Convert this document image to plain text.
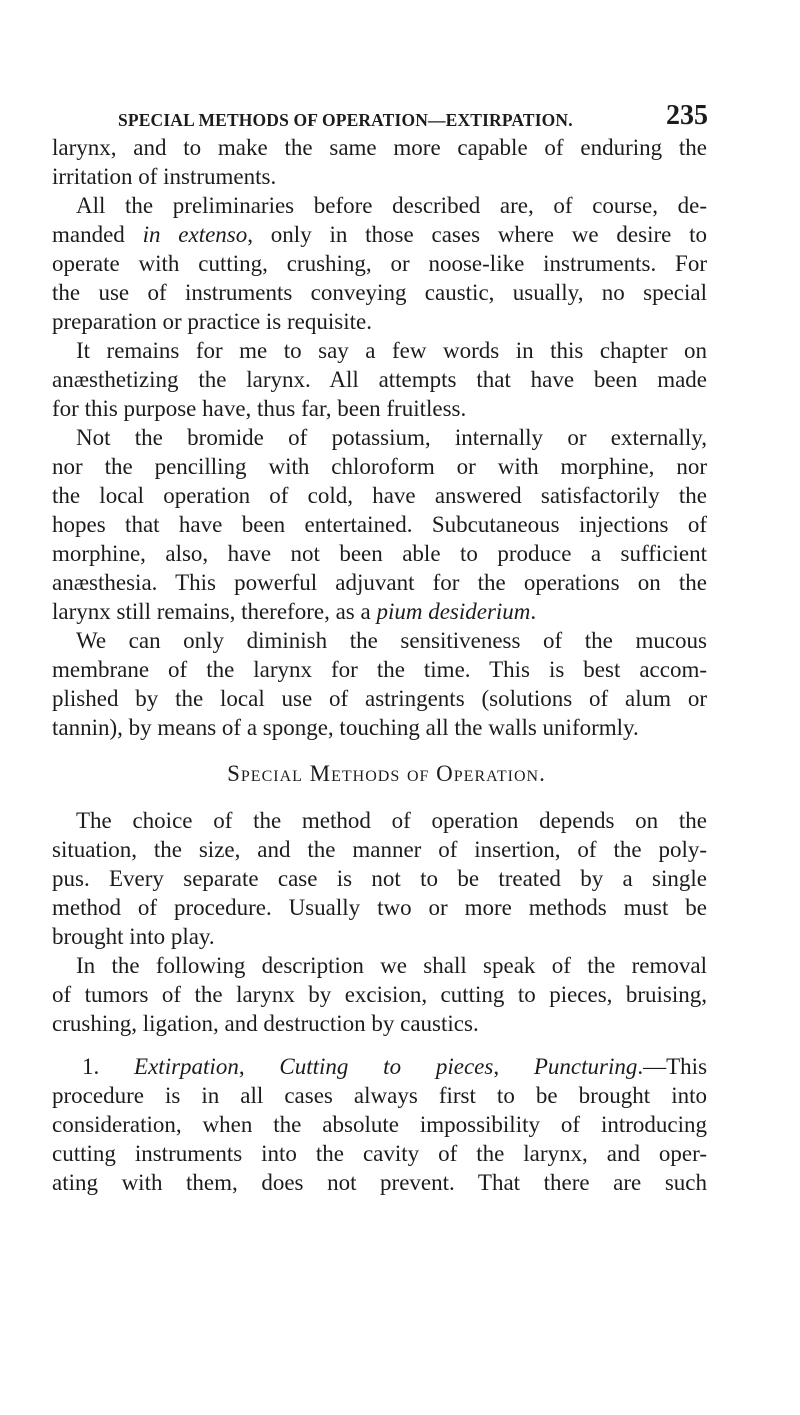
SPECIAL METHODS OF OPERATION—EXTIRPATION.	235
larynx, and to make the same more capable of enduring the
irritation of instruments.
All the preliminaries before described are, of course, de-
manded in extenso, only in those cases where we desire to
operate with cutting, crushing, or noose-like instruments. For
the use of instruments conveying caustic, usually, no special
preparation or practice is requisite.
It remains for me to say a few words in this chapter on
anæsthetizing the larynx. All attempts that have been made
for this purpose have, thus far, been fruitless.
Not the bromide of potassium, internally or externally,
nor the pencilling with chloroform or with morphine, nor
the local operation of cold, have answered satisfactorily the
hopes that have been entertained. Subcutaneous injections of
morphine, also, have not been able to produce a sufficient
anæsthesia. This powerful adjuvant for the operations on the
larynx still remains, therefore, as a pium desiderium.
We can only diminish the sensitiveness of the mucous
membrane of the larynx for the time. This is best accom-
plished by the local use of astringents (solutions of alum or
tannin), by means of a sponge, touching all the walls uniformly.
Special Methods of Operation.
The choice of the method of operation depends on the
situation, the size, and the manner of insertion, of the poly-
pus. Every separate case is not to be treated by a single
method of procedure. Usually two or more methods must be
brought into play.
In the following description we shall speak of the removal
of tumors of the larynx by excision, cutting to pieces, bruising,
crushing, ligation, and destruction by caustics.
1. Extirpation, Cutting to pieces, Puncturing.—This
procedure is in all cases always first to be brought into
consideration, when the absolute impossibility of introducing
cutting instruments into the cavity of the larynx, and oper-
ating with them, does not prevent. That there are such
